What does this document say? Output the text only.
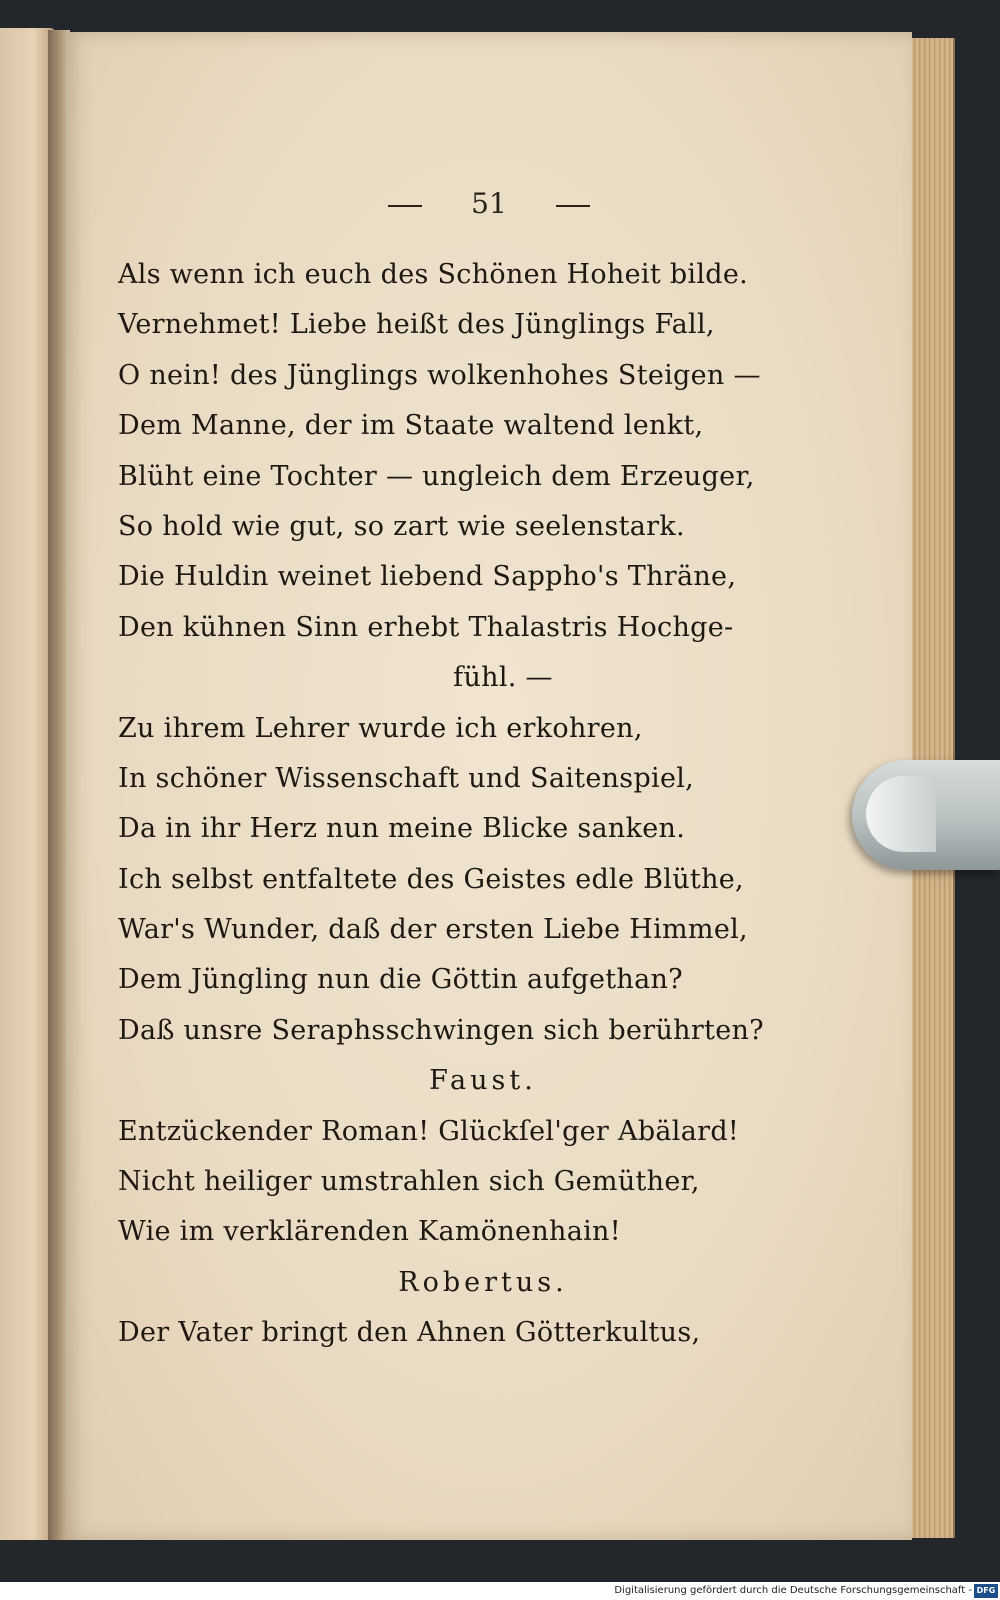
51
Als wenn ich euch des Schönen Hoheit bilde.
Vernehmet! Liebe heißt des Jünglings Fall,
O nein! des Jünglings wolkenhohes Steigen —
Dem Manne, der im Staate waltend lenkt,
Blüht eine Tochter — ungleich dem Erzeuger,
So hold wie gut, so zart wie seelenstark.
Die Huldin weinet liebend Sappho's Thräne,
Den kühnen Sinn erhebt Thalastris Hochge-
fühl. —
Zu ihrem Lehrer wurde ich erkohren,
In schöner Wissenschaft und Saitenspiel,
Da in ihr Herz nun meine Blicke sanken.
Ich selbst entfaltete des Geistes edle Blüthe,
War's Wunder, daß der ersten Liebe Himmel,
Dem Jüngling nun die Göttin aufgethan?
Daß unsre Seraphsschwingen sich berührten?
Faust.
Entzückender Roman! Glückſel'ger Abälard!
Nicht heiliger umstrahlen sich Gemüther,
Wie im verklärenden Kamönenhain!
Robertus.
Der Vater bringt den Ahnen Götterkultus,
Digitalisierung gefördert durch die Deutsche Forschungsgemeinschaft - DFG
